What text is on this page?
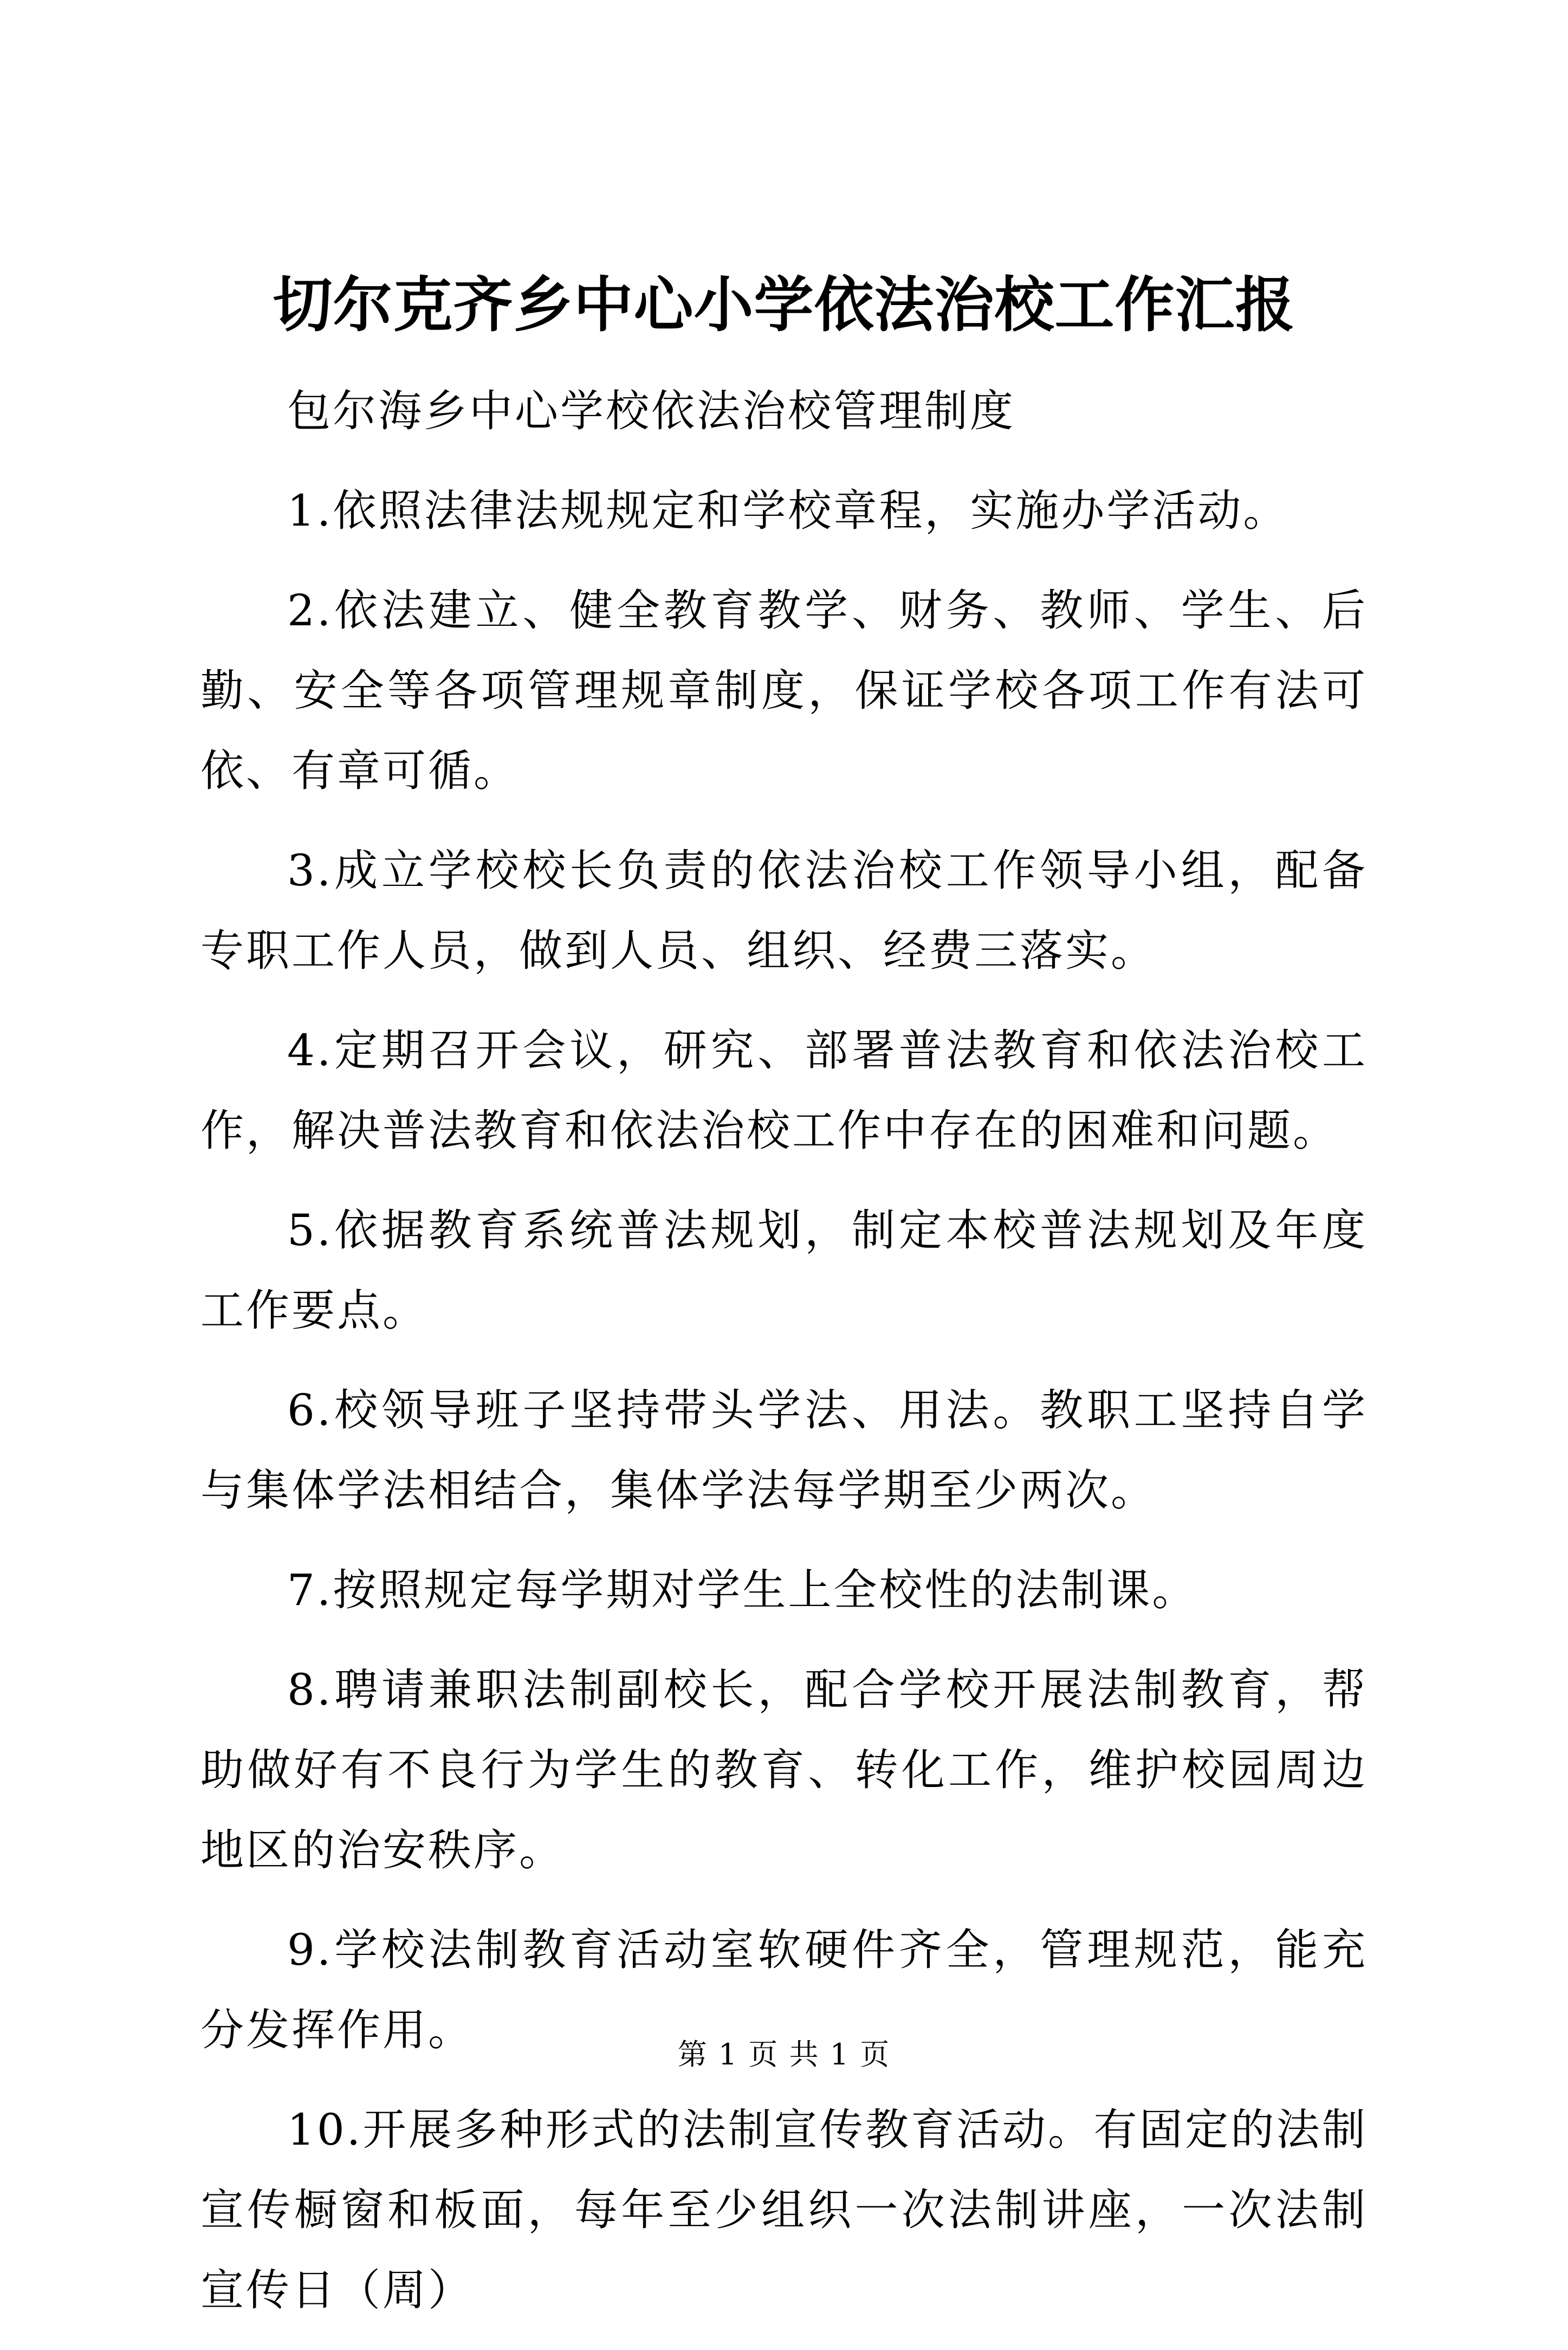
切尔克齐乡中心小学依法治校工作汇报

包尔海乡中心学校依法治校管理制度

1.依照法律法规规定和学校章程，实施办学活动。

2.依法建立、健全教育教学、财务、教师、学生、后勤、安全等各项管理规章制度，保证学校各项工作有法可依、有章可循。

3.成立学校校长负责的依法治校工作领导小组，配备专职工作人员，做到人员、组织、经费三落实。

4.定期召开会议，研究、部署普法教育和依法治校工作，解决普法教育和依法治校工作中存在的困难和问题。

5.依据教育系统普法规划，制定本校普法规划及年度工作要点。

6.校领导班子坚持带头学法、用法。教职工坚持自学与集体学法相结合，集体学法每学期至少两次。

7.按照规定每学期对学生上全校性的法制课。

8.聘请兼职法制副校长，配合学校开展法制教育，帮助做好有不良行为学生的教育、转化工作，维护校园周边地区的治安秩序。

9.学校法制教育活动室软硬件齐全，管理规范，能充分发挥作用。

10.开展多种形式的法制宣传教育活动。有固定的法制宣传橱窗和板面，每年至少组织一次法制讲座，一次法制宣传日（周）

第 1 页 共 1 页
